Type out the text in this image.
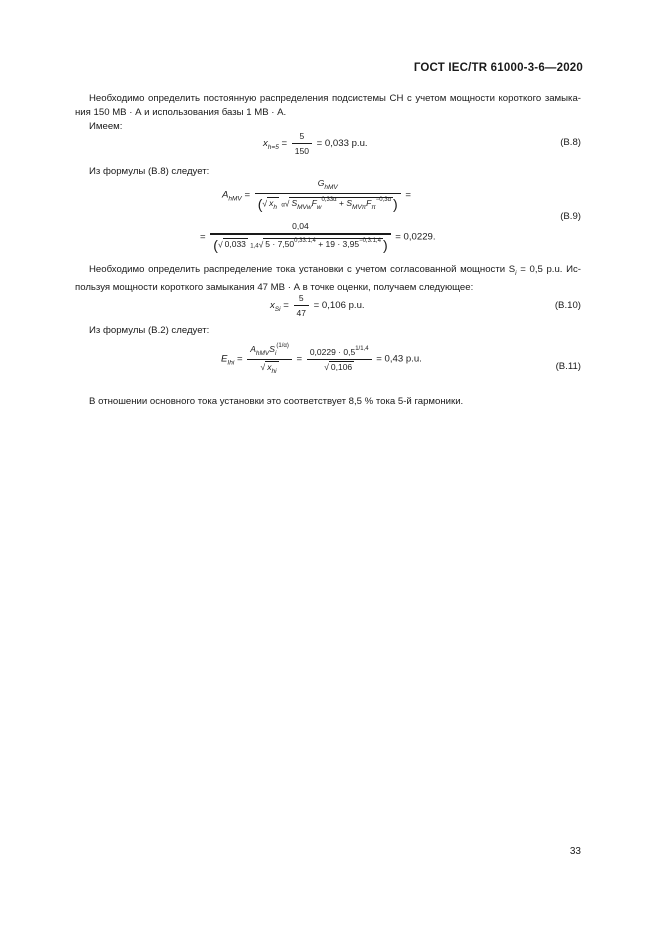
ГОСТ IEC/TR 61000-3-6—2020
Необходимо определить постоянную распределения подсистемы СН с учетом мощности короткого замыкания 150 МВ · А и использования базы 1 МВ · А.
Имеем:
$x_{h=5} = \frac{5}{150} = 0,033$ p.u.	(В.8)
Из формулы (В.8) следует:
$A_{hMV} = \frac{G_{hMV}}{(√ x_h \alpha√ S_{MVw}F_w^{0,33\alpha} + S_{MV\pi}F_\pi^{-0,3\alpha} )}$ =
(В.9)
=
0,04
(√ 0,033 1,4√ $5 \cdot 7,50^{0,33.1,4} + 19 \cdot 3,95^{-0,3.1,4}$ ) = 0,0229.
Необходимо определить распределение тока установки с учетом согласованной мощности $S_i = 0,5$ p.u. Используя мощности короткого замыкания 47 МВ · А в точке оценки, получаем следующее:
$x_{Si} = \frac{5}{47} = 0,106$ p.u.	(В.10)
Из формулы (В.2) следует:
$E_{Ihi} = \frac{A_{hMV}S_i^{(1/\alpha)}}{√ x_{hi}} = \frac{0,0229 \cdot 0,5^{1/1,4}}{√ 0,106} = 0,43$ p.u.
(В.11)
В отношении основного тока установки это соответствует 8,5 % тока 5-й гармоники.
33
